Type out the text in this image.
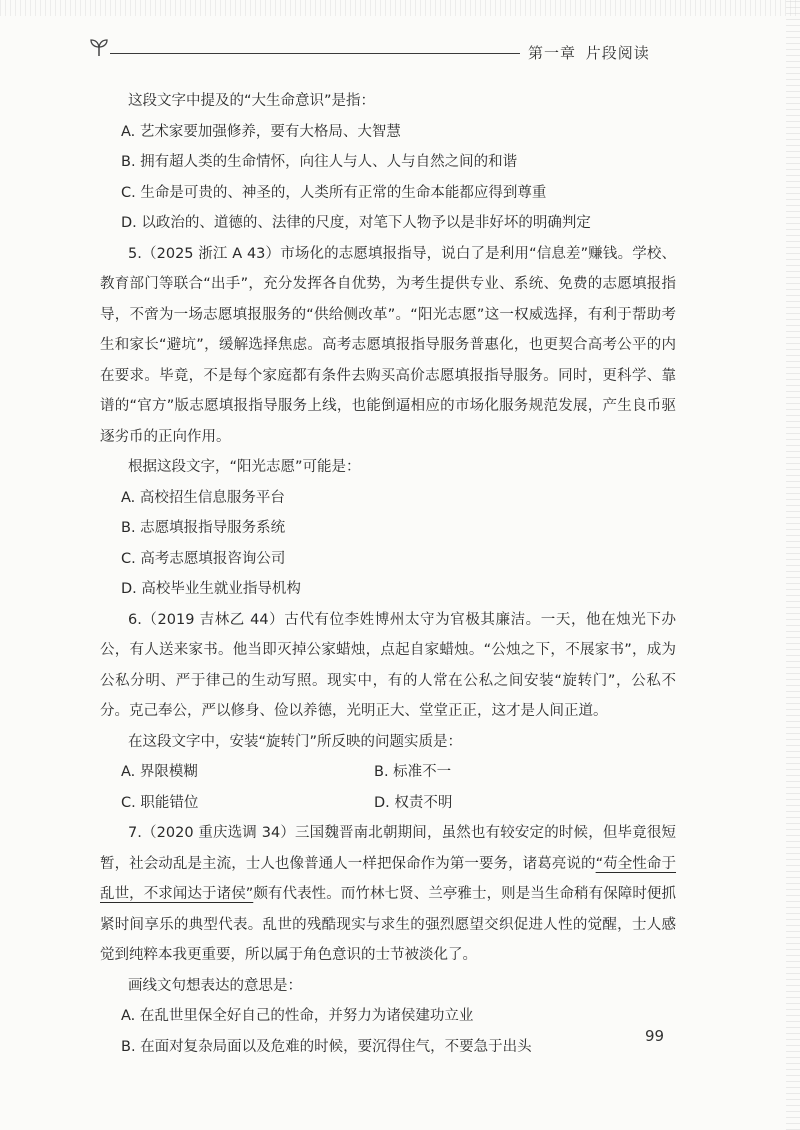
第一章 片段阅读

这段文字中提及的“大生命意识”是指：

A. 艺术家要加强修养，要有大格局、大智慧

B. 拥有超人类的生命情怀，向往人与人、人与自然之间的和谐

C. 生命是可贵的、神圣的，人类所有正常的生命本能都应得到尊重

D. 以政治的、道德的、法律的尺度，对笔下人物予以是非好坏的明确判定

5.（2025 浙江 A 43）市场化的志愿填报指导，说白了是利用“信息差”赚钱。学校、教育部门等联合“出手”，充分发挥各自优势，为考生提供专业、系统、免费的志愿填报指导，不啻为一场志愿填报服务的“供给侧改革”。“阳光志愿”这一权威选择，有利于帮助考生和家长“避坑”，缓解选择焦虑。高考志愿填报指导服务普惠化，也更契合高考公平的内在要求。毕竟，不是每个家庭都有条件去购买高价志愿填报指导服务。同时，更科学、靠谱的“官方”版志愿填报指导服务上线，也能倒逼相应的市场化服务规范发展，产生良币驱逐劣币的正向作用。

根据这段文字，“阳光志愿”可能是：

A. 高校招生信息服务平台

B. 志愿填报指导服务系统

C. 高考志愿填报咨询公司

D. 高校毕业生就业指导机构

6.（2019 吉林乙 44）古代有位李姓博州太守为官极其廉洁。一天，他在烛光下办公，有人送来家书。他当即灭掉公家蜡烛，点起自家蜡烛。“公烛之下，不展家书”，成为公私分明、严于律己的生动写照。现实中，有的人常在公私之间安装“旋转门”，公私不分。克己奉公，严以修身、俭以养德，光明正大、堂堂正正，这才是人间正道。

在这段文字中，安装“旋转门”所反映的问题实质是：

A. 界限模糊	B. 标准不一
C. 职能错位	D. 权责不明

7.（2020 重庆选调 34）三国魏晋南北朝期间，虽然也有较安定的时候，但毕竟很短暂，社会动乱是主流，士人也像普通人一样把保命作为第一要务，诸葛亮说的“苟全性命于乱世，不求闻达于诸侯”颇有代表性。而竹林七贤、兰亭雅士，则是当生命稍有保障时便抓紧时间享乐的典型代表。乱世的残酷现实与求生的强烈愿望交织促进人性的觉醒，士人感觉到纯粹本我更重要，所以属于角色意识的士节被淡化了。

画线文句想表达的意思是：

A. 在乱世里保全好自己的性命，并努力为诸侯建功立业

B. 在面对复杂局面以及危难的时候，要沉得住气，不要急于出头

99
